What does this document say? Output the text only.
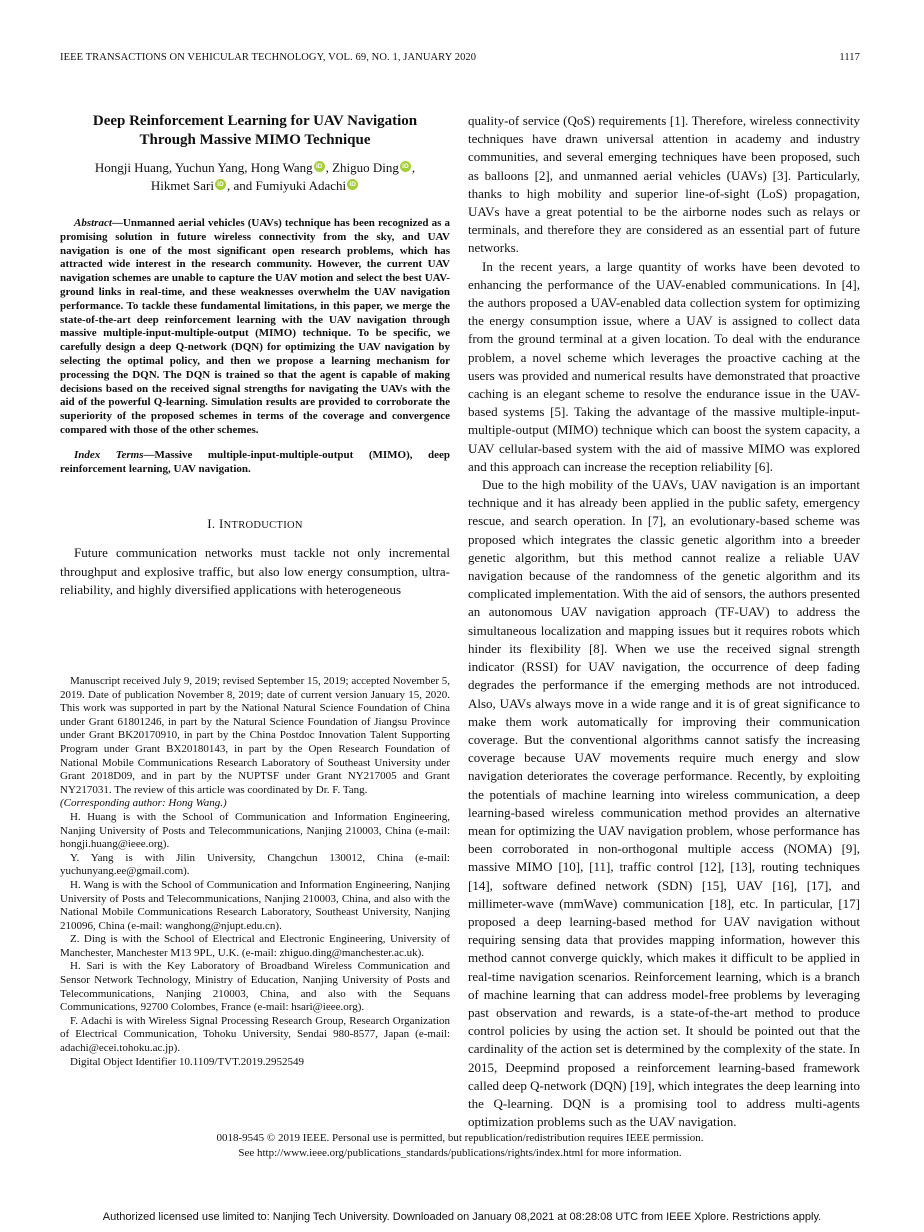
IEEE TRANSACTIONS ON VEHICULAR TECHNOLOGY, VOL. 69, NO. 1, JANUARY 2020	1117
Deep Reinforcement Learning for UAV Navigation
Through Massive MIMO Technique
Hongji Huang, Yuchun Yang, Hong Wang iD , Zhiguo Ding iD ,
Hikmet Sari iD , and Fumiyuki Adachi iD

Abstract—Unmanned aerial vehicles (UAVs) technique has been recognized as a promising solution in future wireless connectivity from the sky, and UAV navigation is one of the most significant open research problems, which has attracted wide interest in the research community. However, the current UAV navigation schemes are unable to capture the UAV motion and select the best UAV-ground links in real-time, and these weaknesses overwhelm the UAV navigation performance. To tackle these fundamental limitations, in this paper, we merge the state-of-the-art deep reinforcement learning with the UAV navigation through massive multiple-input-multiple-output (MIMO) technique. To be specific, we carefully design a deep Q-network (DQN) for optimizing the UAV navigation by selecting the optimal policy, and then we propose a learning mechanism for processing the DQN. The DQN is trained so that the agent is capable of making decisions based on the received signal strengths for navigating the UAVs with the aid of the powerful Q-learning. Simulation results are provided to corroborate the superiority of the proposed schemes in terms of the coverage and convergence compared with those of the other schemes.

Index Terms—Massive multiple-input-multiple-output (MIMO), deep reinforcement learning, UAV navigation.

I. INTRODUCTION

Future communication networks must tackle not only incremental throughput and explosive traffic, but also low energy consumption, ultra-reliability, and highly diversified applications with heterogeneous

Manuscript received July 9, 2019; revised September 15, 2019; accepted November 5, 2019. Date of publication November 8, 2019; date of current version January 15, 2020. This work was supported in part by the National Natural Science Foundation of China under Grant 61801246, in part by the Natural Science Foundation of Jiangsu Province under Grant BK20170910, in part by the China Postdoc Innovation Talent Supporting Program under Grant BX20180143, in part by the Open Research Foundation of National Mobile Communications Research Laboratory of Southeast University under Grant 2018D09, and in part by the NUPTSF under Grant NY217005 and Grant NY217031. The review of this article was coordinated by Dr. F. Tang.

(Corresponding author: Hong Wang.)

H. Huang is with the School of Communication and Information Engineering, Nanjing University of Posts and Telecommunications, Nanjing 210003, China (e-mail: hongji.huang@ieee.org).

Y. Yang is with Jilin University, Changchun 130012, China (e-mail: yuchunyang.ee@gmail.com).

H. Wang is with the School of Communication and Information Engineering, Nanjing University of Posts and Telecommunications, Nanjing 210003, China, and also with the National Mobile Communications Research Laboratory, Southeast University, Nanjing 210096, China (e-mail: wanghong@njupt.edu.cn).

Z. Ding is with the School of Electrical and Electronic Engineering, University of Manchester, Manchester M13 9PL, U.K. (e-mail: zhiguo.ding@manchester.ac.uk).

H. Sari is with the Key Laboratory of Broadband Wireless Communication and Sensor Network Technology, Ministry of Education, Nanjing University of Posts and Telecommunications, Nanjing 210003, China, and also with the Sequans Communications, 92700 Colombes, France (e-mail: hsari@ieee.org).

F. Adachi is with Wireless Signal Processing Research Group, Research Organization of Electrical Communication, Tohoku University, Sendai 980-8577, Japan (e-mail: adachi@ecei.tohoku.ac.jp).

Digital Object Identifier 10.1109/TVT.2019.2952549

quality-of service (QoS) requirements [1]. Therefore, wireless connectivity techniques have drawn universal attention in academy and industry communities, and several emerging techniques have been proposed, such as balloons [2], and unmanned aerial vehicles (UAVs) [3]. Particularly, thanks to high mobility and superior line-of-sight (LoS) propagation, UAVs have a great potential to be the airborne nodes such as relays or terminals, and therefore they are considered as an essential part of future networks.

In the recent years, a large quantity of works have been devoted to enhancing the performance of the UAV-enabled communications. In [4], the authors proposed a UAV-enabled data collection system for optimizing the energy consumption issue, where a UAV is assigned to collect data from the ground terminal at a given location. To deal with the endurance problem, a novel scheme which leverages the proactive caching at the users was provided and numerical results have demonstrated that proactive caching is an elegant scheme to resolve the endurance issue in the UAV-based systems [5]. Taking the advantage of the massive multiple-input-multiple-output (MIMO) technique which can boost the system capacity, a UAV cellular-based system with the aid of massive MIMO was explored and this approach can increase the reception reliability [6].

Due to the high mobility of the UAVs, UAV navigation is an important technique and it has already been applied in the public safety, emergency rescue, and search operation. In [7], an evolutionary-based scheme was proposed which integrates the classic genetic algorithm into a breeder genetic algorithm, but this method cannot realize a reliable UAV navigation because of the randomness of the genetic algorithm and its complicated implementation. With the aid of sensors, the authors presented an autonomous UAV navigation approach (TF-UAV) to address the simultaneous localization and mapping issues but it requires robots which hinder its flexibility [8]. When we use the received signal strength indicator (RSSI) for UAV navigation, the occurrence of deep fading degrades the performance if the emerging methods are not introduced. Also, UAVs always move in a wide range and it is of great significance to make them work automatically for improving their communication coverage. But the conventional algorithms cannot satisfy the increasing coverage because UAV movements require much energy and slow navigation deteriorates the coverage performance. Recently, by exploiting the potentials of machine learning into wireless communication, a deep learning-based wireless communication method provides an alternative mean for optimizing the UAV navigation problem, whose performance has been corroborated in non-orthogonal multiple access (NOMA) [9], massive MIMO [10], [11], traffic control [12], [13], routing techniques [14], software defined network (SDN) [15], UAV [16], [17], and millimeter-wave (mmWave) communication [18], etc. In particular, [17] proposed a deep learning-based method for UAV navigation without requiring sensing data that provides mapping information, however this method cannot converge quickly, which makes it difficult to be applied in real-time navigation scenarios. Reinforcement learning, which is a branch of machine learning that can address model-free problems by leveraging past observation and rewards, is a state-of-the-art method to produce control policies by using the action set. It should be pointed out that the cardinality of the action set is determined by the complexity of the state. In 2015, Deepmind proposed a reinforcement learning-based framework called deep Q-network (DQN) [19], which integrates the deep learning into the Q-learning. DQN is a promising tool to address multi-agents optimization problems such as the UAV navigation.

0018-9545 © 2019 IEEE. Personal use is permitted, but republication/redistribution requires IEEE permission.
See http://www.ieee.org/publications_standards/publications/rights/index.html for more information.
Authorized licensed use limited to: Nanjing Tech University. Downloaded on January 08,2021 at 08:28:08 UTC from IEEE Xplore. Restrictions apply.
